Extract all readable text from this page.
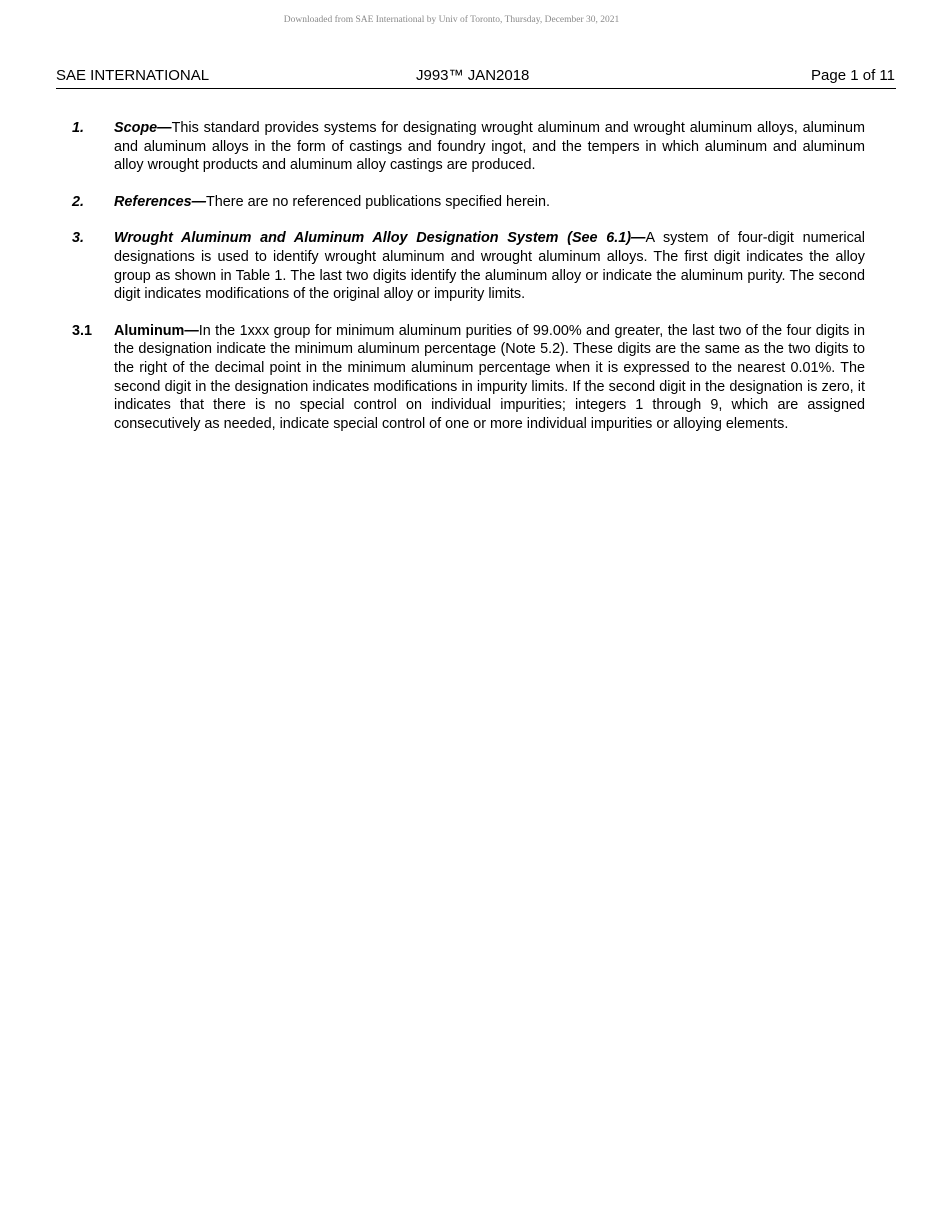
Downloaded from SAE International by Univ of Toronto, Thursday, December 30, 2021
SAE INTERNATIONAL	J993™ JAN2018	Page 1 of 11
1.	Scope—This standard provides systems for designating wrought aluminum and wrought aluminum alloys, aluminum and aluminum alloys in the form of castings and foundry ingot, and the tempers in which aluminum and aluminum alloy wrought products and aluminum alloy castings are produced.
2.	References—There are no referenced publications specified herein.
3.	Wrought Aluminum and Aluminum Alloy Designation System (See 6.1)—A system of four-digit numerical designations is used to identify wrought aluminum and wrought aluminum alloys. The first digit indicates the alloy group as shown in Table 1. The last two digits identify the aluminum alloy or indicate the aluminum purity. The second digit indicates modifications of the original alloy or impurity limits.
3.1	Aluminum—In the 1xxx group for minimum aluminum purities of 99.00% and greater, the last two of the four digits in the designation indicate the minimum aluminum percentage (Note 5.2). These digits are the same as the two digits to the right of the decimal point in the minimum aluminum percentage when it is expressed to the nearest 0.01%. The second digit in the designation indicates modifications in impurity limits. If the second digit in the designation is zero, it indicates that there is no special control on individual impurities; integers 1 through 9, which are assigned consecutively as needed, indicate special control of one or more individual impurities or alloying elements.
